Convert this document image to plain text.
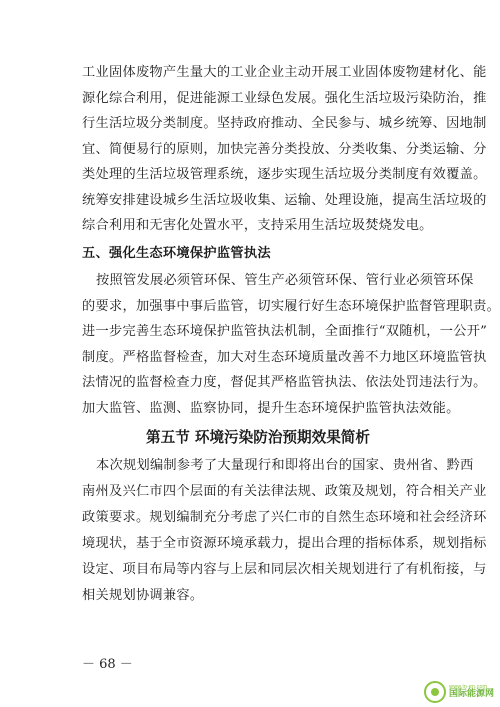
工业固体废物产生量大的工业企业主动开展工业固体废物建材化、能
源化综合利用，促进能源工业绿色发展。强化生活垃圾污染防治，推
行生活垃圾分类制度。坚持政府推动、全民参与、城乡统筹、因地制
宜、简便易行的原则，加快完善分类投放、分类收集、分类运输、分
类处理的生活垃圾管理系统，逐步实现生活垃圾分类制度有效覆盖。
统筹安排建设城乡生活垃圾收集、运输、处理设施，提高生活垃圾的
综合利用和无害化处置水平，支持采用生活垃圾焚烧发电。
五、强化生态环境保护监管执法
按照管发展必须管环保、管生产必须管环保、管行业必须管环保
的要求，加强事中事后监管，切实履行好生态环境保护监督管理职责。
进一步完善生态环境保护监管执法机制，全面推行“双随机，一公开”
制度。严格监督检查，加大对生态环境质量改善不力地区环境监管执
法情况的监督检查力度，督促其严格监管执法、依法处罚违法行为。
加大监管、监测、监察协同，提升生态环境保护监管执法效能。
第五节 环境污染防治预期效果简析
本次规划编制参考了大量现行和即将出台的国家、贵州省、黔西
南州及兴仁市四个层面的有关法律法规、政策及规划，符合相关产业
政策要求。规划编制充分考虑了兴仁市的自然生态环境和社会经济环
境现状，基于全市资源环境承载力，提出合理的指标体系，规划指标
设定、项目布局等内容与上层和同层次相关规划进行了有机衔接，与
相关规划协调兼容。
－ 68 －
www.in-en.com
国际能源网
